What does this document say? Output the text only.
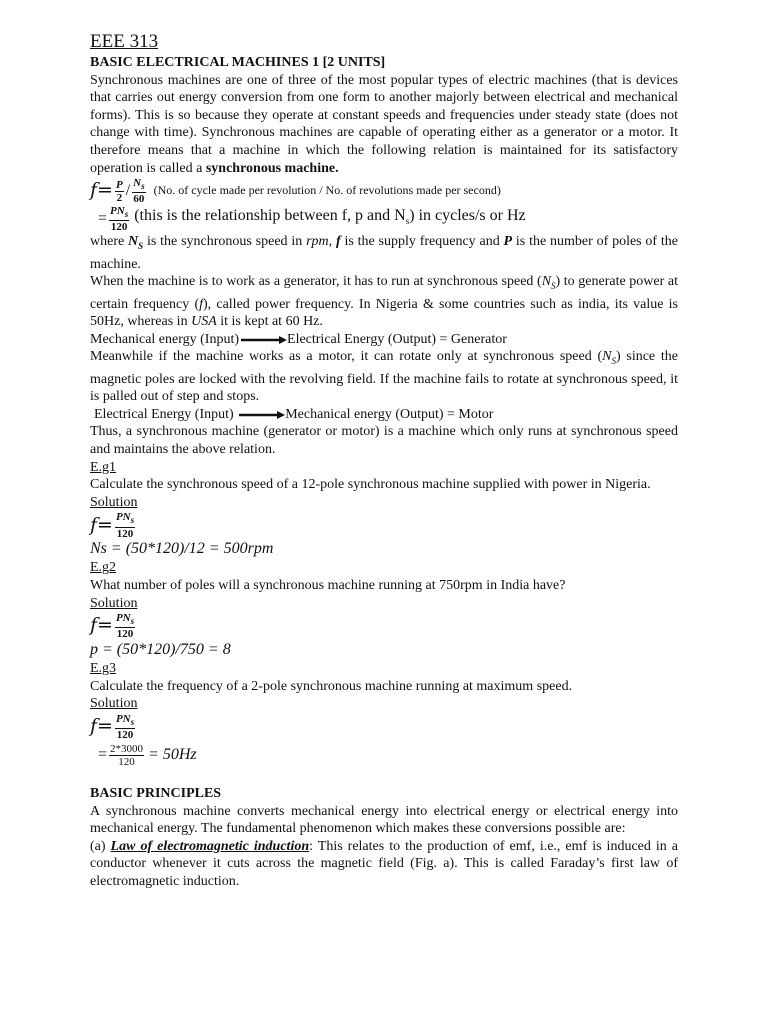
EEE 313

BASIC ELECTRICAL MACHINES 1 [2 UNITS]

Synchronous machines are one of three of the most popular types of electric machines (that is devices that carries out energy conversion from one form to another majorly between electrical and mechanical forms). This is so because they operate at constant speeds and frequencies under steady state (does not change with time). Synchronous machines are capable of operating either as a generator or a motor. It therefore means that a machine in which the following relation is maintained for its satisfactory operation is called a synchronous machine.

$f= \frac{P}{2} / \frac{N_s}{60} (No$. of cycle made per revolution / No. of revolutions made per second)
= $\frac{PN_s}{120}$ (this is the relationship between f, p and $N_s$) in cycles/s or Hz

where $N_S$ is the synchronous speed in rpm, f is the supply frequency and P is the number of poles of the machine.

When the machine is to work as a generator, it has to run at synchronous speed $(N_S)$ to generate power at certain frequency (f), called power frequency. In Nigeria & some countries such as india, its value is 50Hz, whereas in USA it is kept at 60 Hz.

Mechanical energy (Input)	Electrical Energy (Output) = Generator

Meanwhile if the machine works as a motor, it can rotate only at synchronous speed $(N_S)$ since the magnetic poles are locked with the revolving field. If the machine fails to rotate at synchronous speed, it is palled out of step and stops.

Electrical Energy (Input)	Mechanical energy (Output) = Motor

Thus, a synchronous machine (generator or motor) is a machine which only runs at synchronous speed and maintains the above relation.

E.g1

Calculate the synchronous speed of a 12-pole synchronous machine supplied with power in Nigeria.

Solution

$f= \frac{PN_s}{120}$

Ns = (50*120)/12 = 500rpm

E.g2

What number of poles will a synchronous machine running at 750rpm in India have?

Solution

$f= \frac{PN_s}{120}$

p = (50*120)/750 = 8

E.g3

Calculate the frequency of a 2-pole synchronous machine running at maximum speed.

Solution

$f= \frac{PN_s}{120}$
= $\frac{2*3000}{120} = 50Hz$

BASIC PRINCIPLES

A synchronous machine converts mechanical energy into electrical energy or electrical energy into mechanical energy. The fundamental phenomenon which makes these conversions possible are:

(a) Law of electromagnetic induction: This relates to the production of emf, i.e., emf is induced in a conductor whenever it cuts across the magnetic field (Fig. a). This is called Faraday’s first law of electromagnetic induction.
